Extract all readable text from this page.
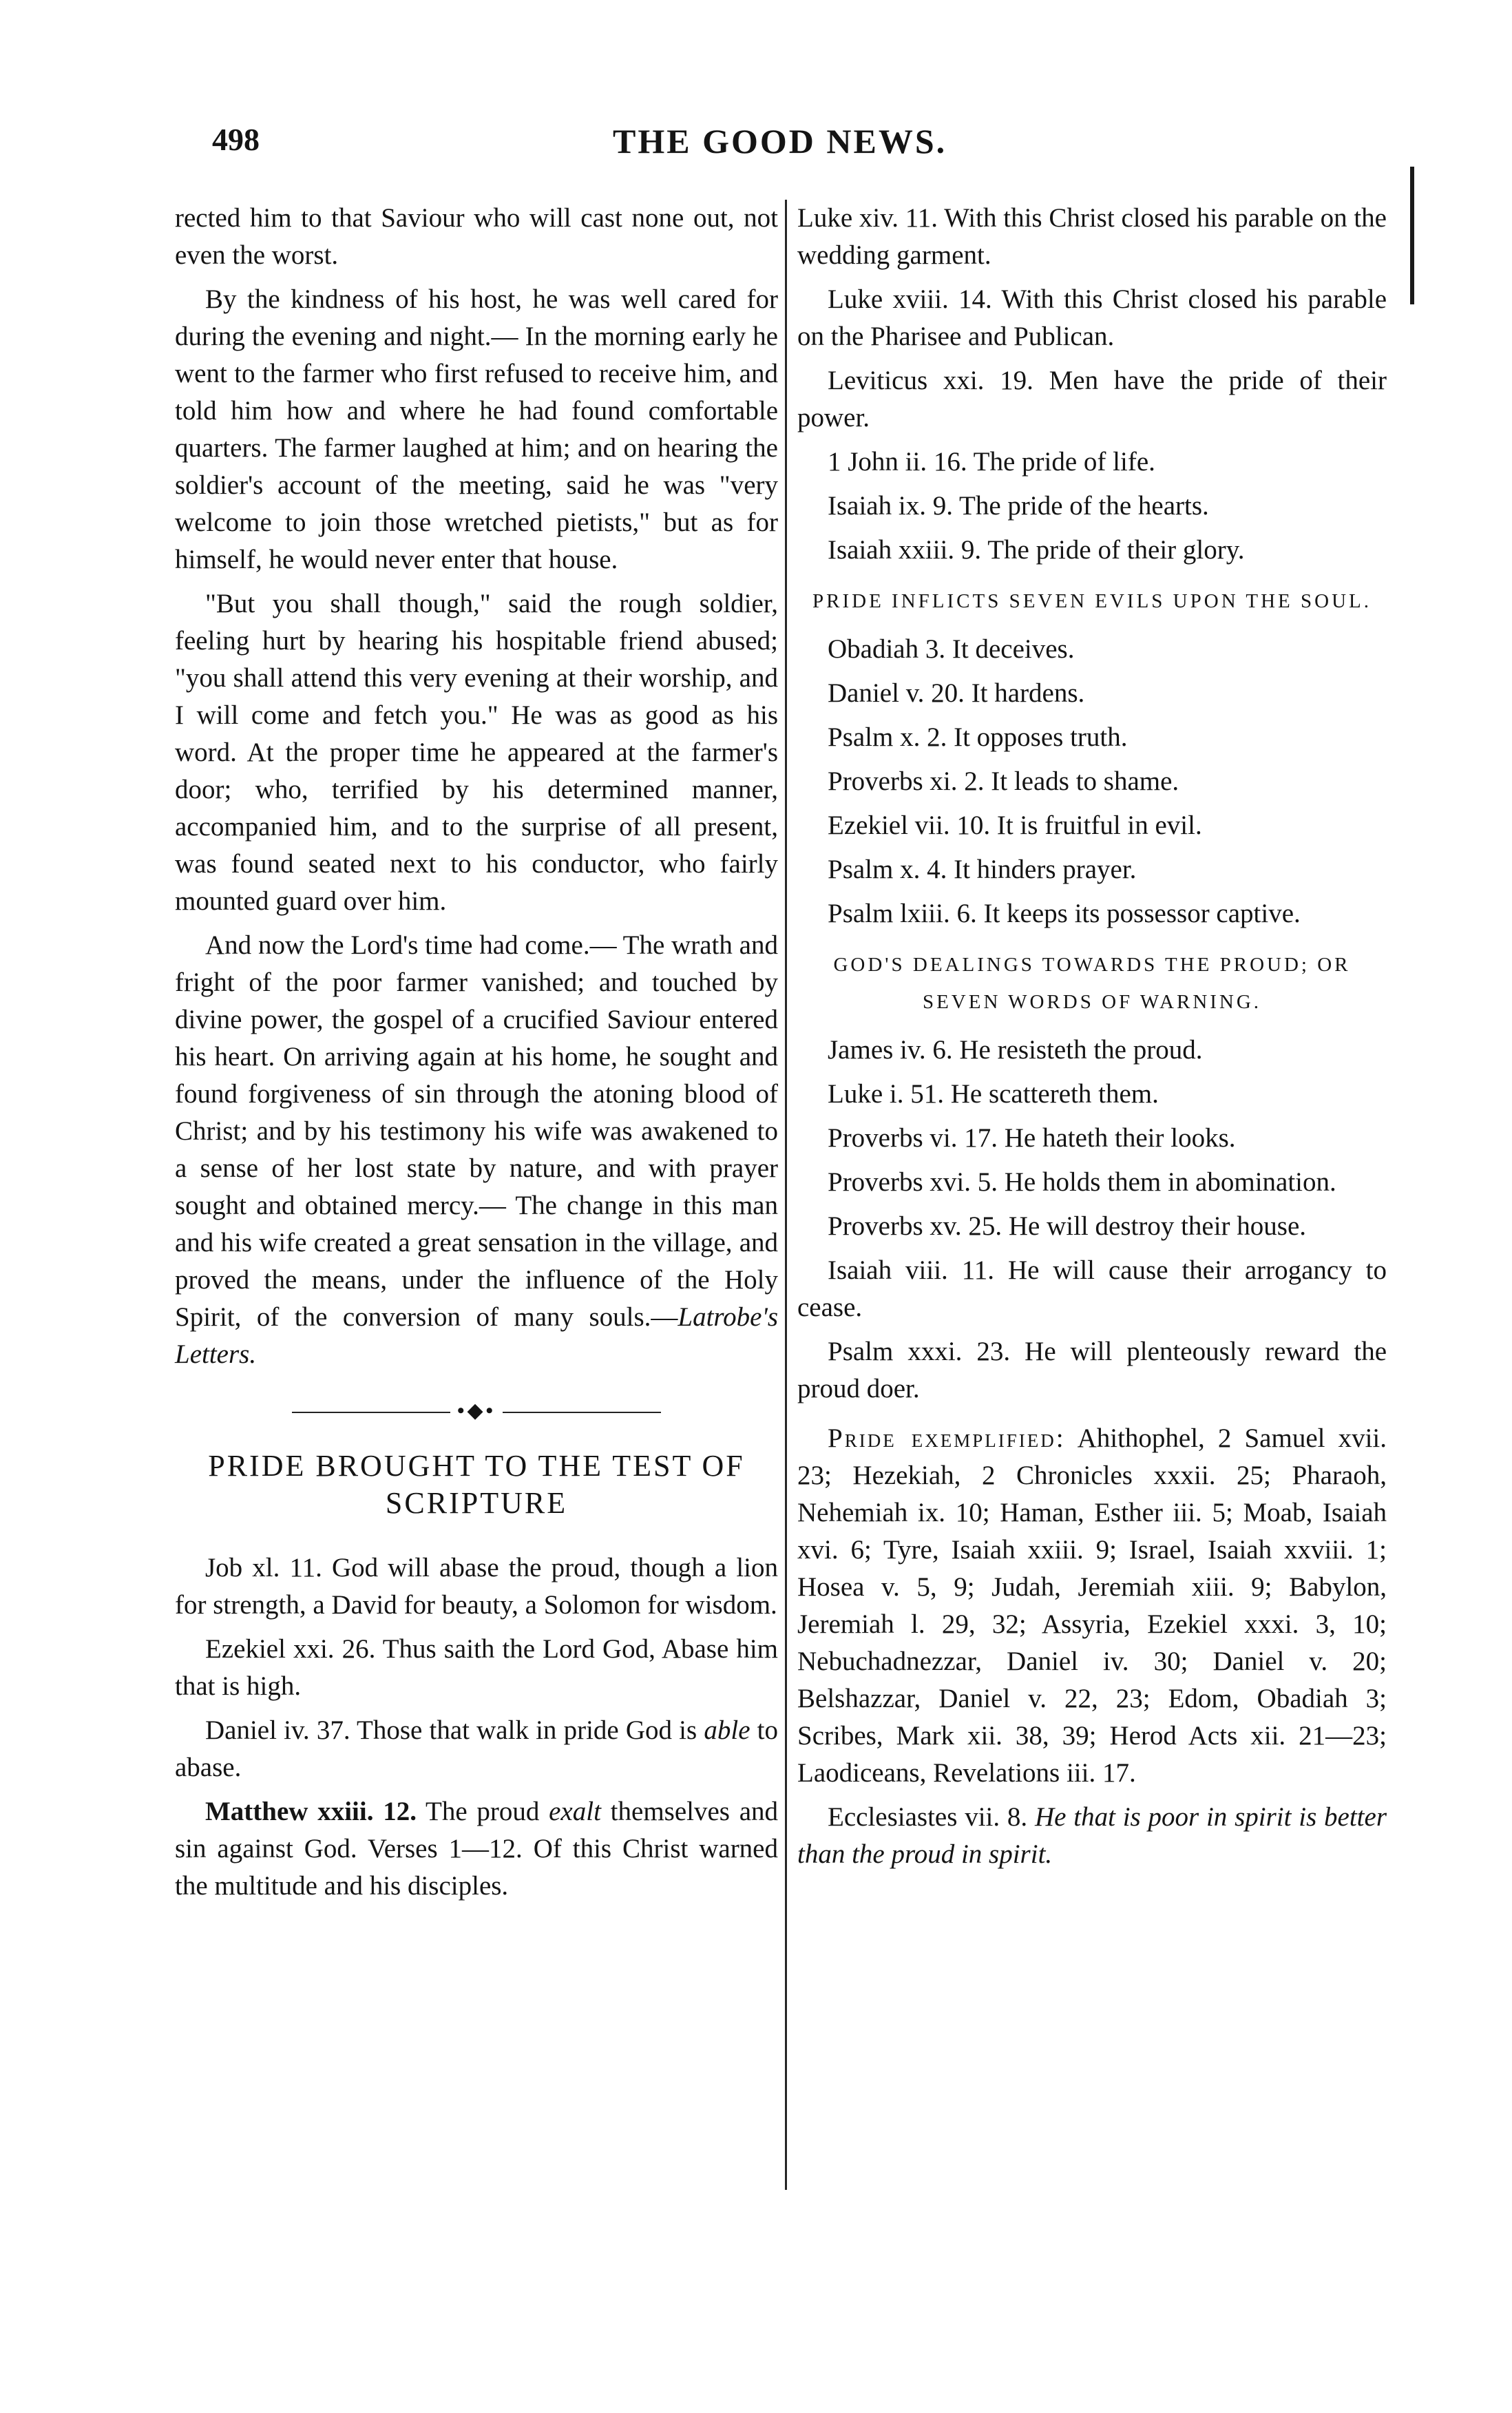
498	THE GOOD NEWS.

rected him to that Saviour who will cast none out, not even the worst.

By the kindness of his host, he was well cared for during the evening and night.— In the morning early he went to the farmer who first refused to receive him, and told him how and where he had found comfortable quarters. The farmer laughed at him; and on hearing the soldier's account of the meeting, said he was "very welcome to join those wretched pietists," but as for himself, he would never enter that house.

"But you shall though," said the rough soldier, feeling hurt by hearing his hospitable friend abused; "you shall attend this very evening at their worship, and I will come and fetch you." He was as good as his word. At the proper time he appeared at the farmer's door; who, terrified by his determined manner, accompanied him, and to the surprise of all present, was found seated next to his conductor, who fairly mounted guard over him.

And now the Lord's time had come.— The wrath and fright of the poor farmer vanished; and touched by divine power, the gospel of a crucified Saviour entered his heart. On arriving again at his home, he sought and found forgiveness of sin through the atoning blood of Christ; and by his testimony his wife was awakened to a sense of her lost state by nature, and with prayer sought and obtained mercy.— The change in this man and his wife created a great sensation in the village, and proved the means, under the influence of the Holy Spirit, of the conversion of many souls.—Latrobe's Letters.

•◆•
PRIDE BROUGHT TO THE TEST OF SCRIPTURE

Job xl. 11. God will abase the proud, though a lion for strength, a David for beauty, a Solomon for wisdom.

Ezekiel xxi. 26. Thus saith the Lord God, Abase him that is high.

Daniel iv. 37. Those that walk in pride God is able to abase.

Matthew xxiii. 12. The proud exalt themselves and sin against God. Verses 1—12. Of this Christ warned the multitude and his disciples.

Luke xiv. 11. With this Christ closed his parable on the wedding garment.

Luke xviii. 14. With this Christ closed his parable on the Pharisee and Publican.

Leviticus xxi. 19. Men have the pride of their power.

1 John ii. 16. The pride of life.

Isaiah ix. 9. The pride of the hearts.

Isaiah xxiii. 9. The pride of their glory.

PRIDE INFLICTS SEVEN EVILS UPON THE SOUL.

Obadiah 3. It deceives.

Daniel v. 20. It hardens.

Psalm x. 2. It opposes truth.

Proverbs xi. 2. It leads to shame.

Ezekiel vii. 10. It is fruitful in evil.

Psalm x. 4. It hinders prayer.

Psalm lxiii. 6. It keeps its possessor captive.

GOD'S DEALINGS TOWARDS THE PROUD; OR SEVEN WORDS OF WARNING.

James iv. 6. He resisteth the proud.

Luke i. 51. He scattereth them.

Proverbs vi. 17. He hateth their looks.

Proverbs xvi. 5. He holds them in abomination.

Proverbs xv. 25. He will destroy their house.

Isaiah viii. 11. He will cause their arrogancy to cease.

Psalm xxxi. 23. He will plenteously reward the proud doer.

Pride exemplified: Ahithophel, 2 Samuel xvii. 23; Hezekiah, 2 Chronicles xxxii. 25; Pharaoh, Nehemiah ix. 10; Haman, Esther iii. 5; Moab, Isaiah xvi. 6; Tyre, Isaiah xxiii. 9; Israel, Isaiah xxviii. 1; Hosea v. 5, 9; Judah, Jeremiah xiii. 9; Babylon, Jeremiah l. 29, 32; Assyria, Ezekiel xxxi. 3, 10; Nebuchadnezzar, Daniel iv. 30; Daniel v. 20; Belshazzar, Daniel v. 22, 23; Edom, Obadiah 3; Scribes, Mark xii. 38, 39; Herod Acts xii. 21—23; Laodiceans, Revelations iii. 17.

Ecclesiastes vii. 8. He that is poor in spirit is better than the proud in spirit.
